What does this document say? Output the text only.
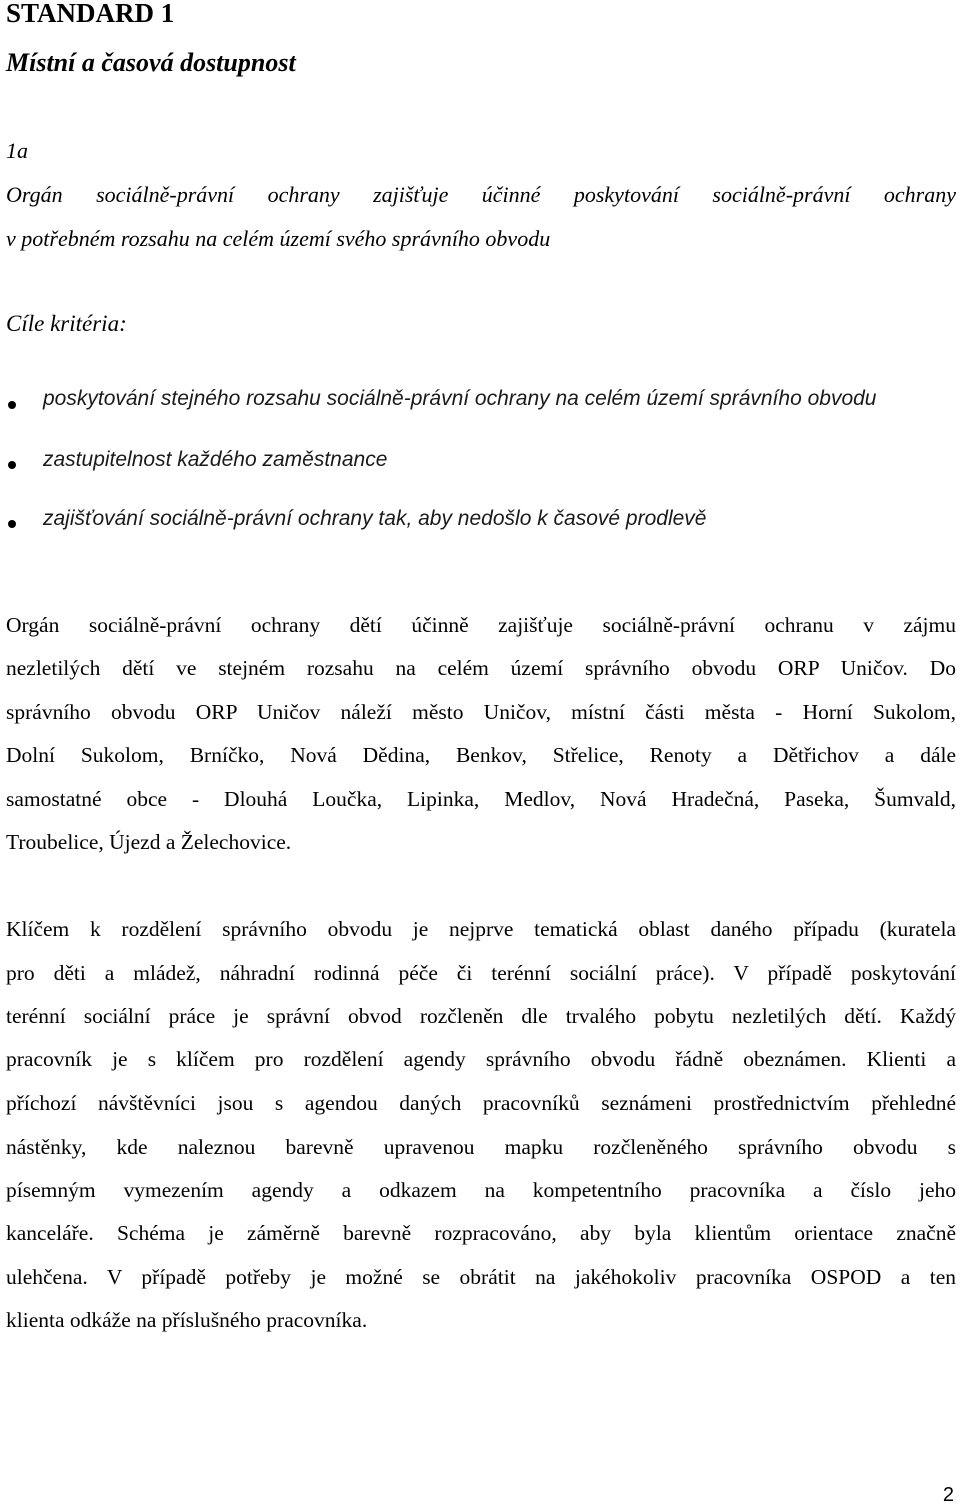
STANDARD 1
Místní a časová dostupnost
1a
Orgán sociálně-právní ochrany zajišťuje účinné poskytování sociálně-právní ochrany
v potřebném rozsahu na celém území svého správního obvodu
Cíle kritéria:
poskytování stejného rozsahu sociálně-právní ochrany na celém území správního obvodu
zastupitelnost každého zaměstnance
zajišťování sociálně-právní ochrany tak, aby nedošlo k časové prodlevě
Orgán sociálně-právní ochrany dětí účinně zajišťuje sociálně-právní ochranu v zájmu
nezletilých dětí ve stejném rozsahu na celém území správního obvodu ORP Uničov. Do
správního obvodu ORP Uničov náleží město Uničov, místní části města - Horní Sukolom,
Dolní Sukolom, Brníčko, Nová Dědina, Benkov, Střelice, Renoty a Dětřichov a dále
samostatné obce - Dlouhá Loučka, Lipinka, Medlov, Nová Hradečná, Paseka, Šumvald,
Troubelice, Újezd a Želechovice.
Klíčem k rozdělení správního obvodu je nejprve tematická oblast daného případu (kuratela
pro děti a mládež, náhradní rodinná péče či terénní sociální práce). V případě poskytování
terénní sociální práce je správní obvod rozčleněn dle trvalého pobytu nezletilých dětí. Každý
pracovník je s klíčem pro rozdělení agendy správního obvodu řádně obeznámen. Klienti a
příchozí návštěvníci jsou s agendou daných pracovníků seznámeni prostřednictvím přehledné
nástěnky, kde naleznou barevně upravenou mapku rozčleněného správního obvodu s
písemným vymezením agendy a odkazem na kompetentního pracovníka a číslo jeho
kanceláře. Schéma je záměrně barevně rozpracováno, aby byla klientům orientace značně
ulehčena. V případě potřeby je možné se obrátit na jakéhokoliv pracovníka OSPOD a ten
klienta odkáže na příslušného pracovníka.
2
